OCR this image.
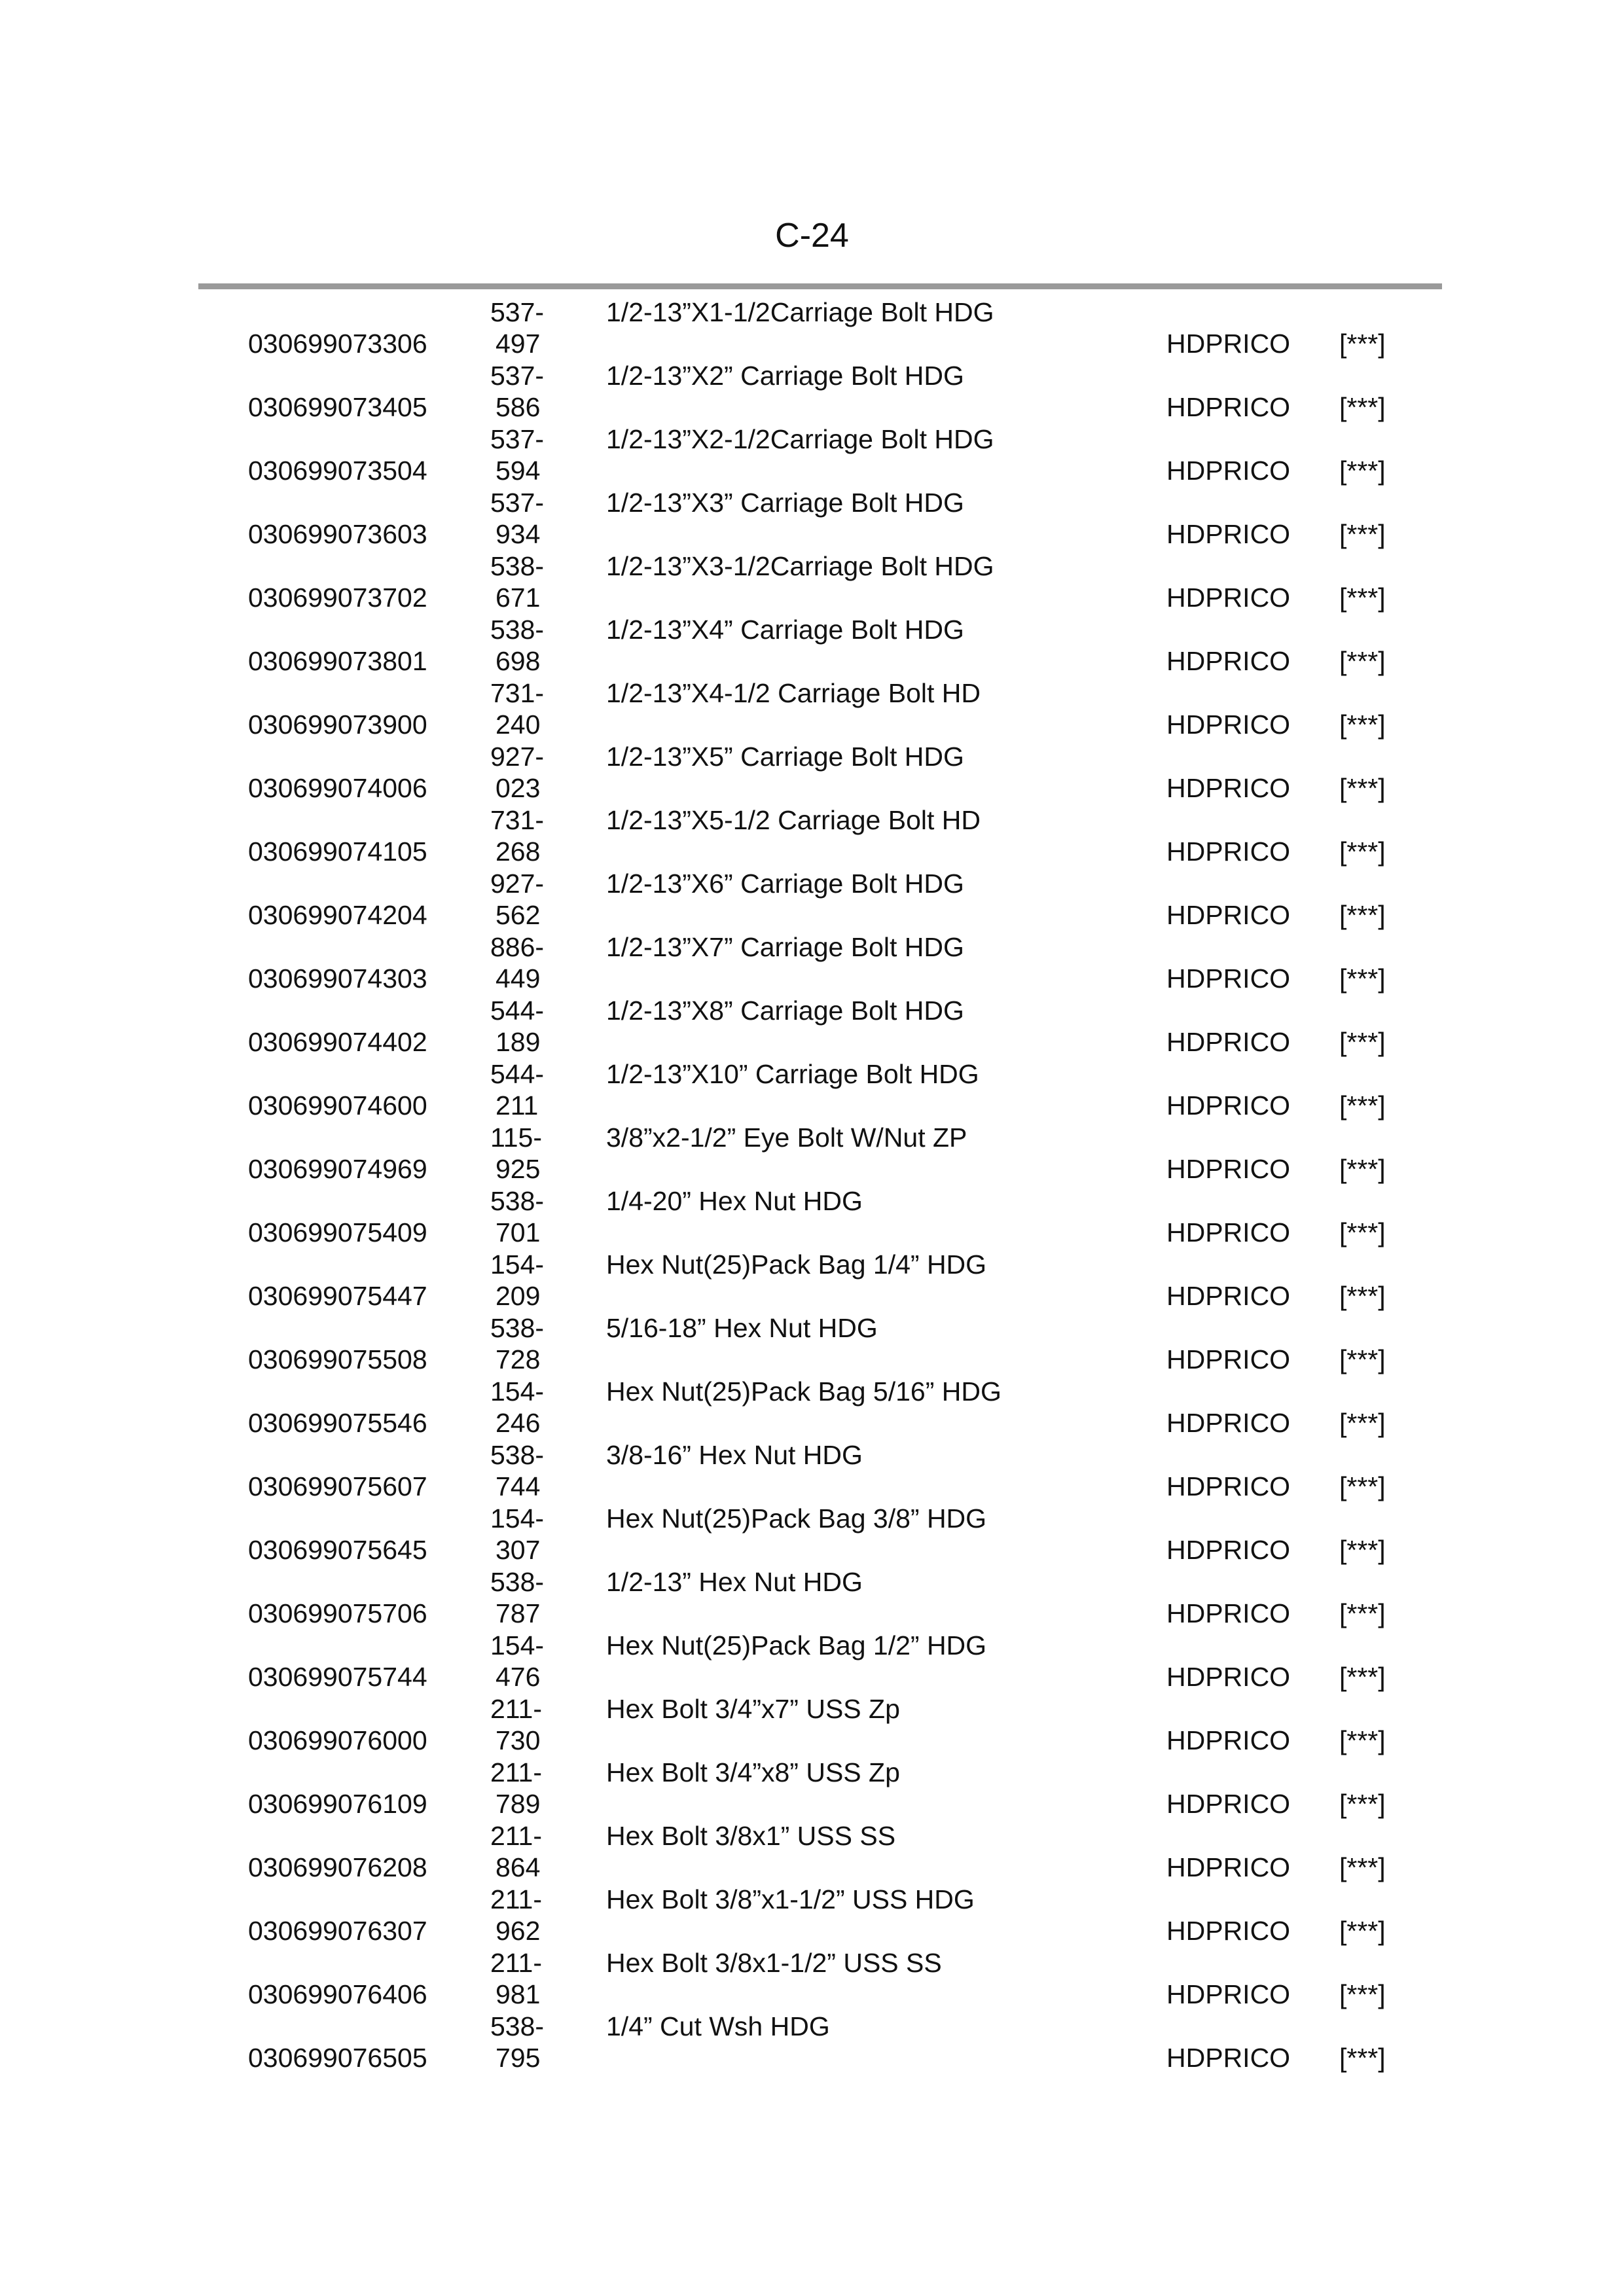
C-24
030699073306
537-
497
1/2-13”X1-1/2Carriage Bolt HDG
HDPRICO [***]
030699073405
537-
586
1/2-13”X2” Carriage Bolt HDG
HDPRICO [***]
030699073504
537-
594
1/2-13”X2-1/2Carriage Bolt HDG
HDPRICO [***]
030699073603
537-
934
1/2-13”X3” Carriage Bolt HDG
HDPRICO [***]
030699073702
538-
671
1/2-13”X3-1/2Carriage Bolt HDG
HDPRICO [***]
030699073801
538-
698
1/2-13”X4” Carriage Bolt HDG
HDPRICO [***]
030699073900
731-
240
1/2-13”X4-1/2 Carriage Bolt HD
HDPRICO [***]
030699074006
927-
023
1/2-13”X5” Carriage Bolt HDG
HDPRICO [***]
030699074105
731-
268
1/2-13”X5-1/2 Carriage Bolt HD
HDPRICO [***]
030699074204
927-
562
1/2-13”X6” Carriage Bolt HDG
HDPRICO [***]
030699074303
886-
449
1/2-13”X7” Carriage Bolt HDG
HDPRICO [***]
030699074402
544-
189
1/2-13”X8” Carriage Bolt HDG
HDPRICO [***]
030699074600
544-
211
1/2-13”X10” Carriage Bolt HDG
HDPRICO [***]
030699074969
115-
925
3/8”x2-1/2” Eye Bolt W/Nut ZP
HDPRICO [***]
030699075409
538-
701
1/4-20” Hex Nut HDG
HDPRICO [***]
030699075447
154-
209
Hex Nut(25)Pack Bag 1/4” HDG
HDPRICO [***]
030699075508
538-
728
5/16-18” Hex Nut HDG
HDPRICO [***]
030699075546
154-
246
Hex Nut(25)Pack Bag 5/16” HDG
HDPRICO [***]
030699075607
538-
744
3/8-16” Hex Nut HDG
HDPRICO [***]
030699075645
154-
307
Hex Nut(25)Pack Bag 3/8” HDG
HDPRICO [***]
030699075706
538-
787
1/2-13” Hex Nut HDG
HDPRICO [***]
030699075744
154-
476
Hex Nut(25)Pack Bag 1/2” HDG
HDPRICO [***]
030699076000
211-
730
Hex Bolt 3/4”x7” USS Zp
HDPRICO [***]
030699076109
211-
789
Hex Bolt 3/4”x8” USS Zp
HDPRICO [***]
030699076208
211-
864
Hex Bolt 3/8x1” USS SS
HDPRICO [***]
030699076307
211-
962
Hex Bolt 3/8”x1-1/2” USS HDG
HDPRICO [***]
030699076406
211-
981
Hex Bolt 3/8x1-1/2” USS SS
HDPRICO [***]
030699076505
538-
795
1/4” Cut Wsh HDG
HDPRICO [***]
